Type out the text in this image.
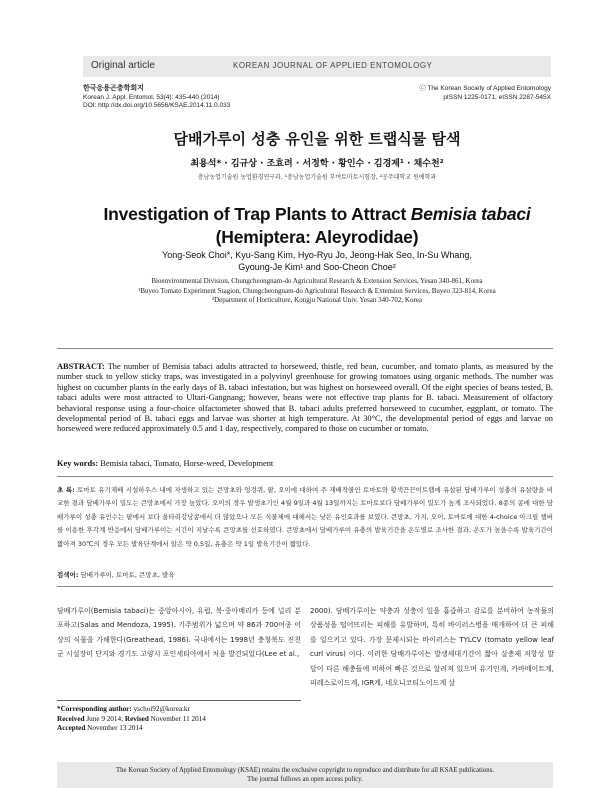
Original article	KOREAN JOURNAL OF APPLIED ENTOMOLOGY
한국응용곤충학회지
Korean J. Appl. Entomol. 53(4): 435-440 (2014)
DOI: http://dx.doi.org/10.5656/KSAE.2014.11.0.033
ⓒ The Korean Society of Applied Entomology
pISSN 1225-0171, eISSN 2287-545X
담배가루이 성충 유인을 위한 트랩식물 탐색
최용석* · 김규상 · 조효려 · 서정학 · 황인수 · 김경제¹ · 채수천²
충남농업기술원 농업환경연구과, ¹충남농업기술원 부여토마토시험장, ²공주대학교 원예학과
Investigation of Trap Plants to Attract Bemisia tabaci
(Hemiptera: Aleyrodidae)
Yong-Seok Choi*, Kyu-Sang Kim, Hyo-Ryu Jo, Jeong-Hak Seo, In-Su Whang,
Gyoung-Je Kim¹ and Soo-Cheon Choe²
Bioenvironmental Division, Chungcheongnam-do Agricultural Research & Extension Services, Yesan 340-861, Korea
¹Buyeo Tomato Experiment Stagion, Chungcheongnam-do Agricultural Research & Extension Services, Buyeo 323-814, Korea
²Department of Horticulture, Kongju National Univ. Yesan 340-702, Korea
ABSTRACT: The number of Bemisia tabaci adults attracted to horseweed, thistle, red bean, cucumber, and tomato plants, as measured by the number stuck to yellow sticky traps, was investigated in a polyvinyl greenhouse for growing tomatoes using organic methods. The number was highest on cucumber plants in the early days of B. tabaci infestation, but was highest on horseweed overall. Of the eight species of beans tested, B. tabaci adults were most attracted to Ultari-Gangnang; however, beans were not effective trap plants for B. tabaci. Measurement of olfactory behavioral response using a four-choice olfactometer showed that B. tabaci adults preferred horseweed to cucumber, eggplant, or tomato. The developmental period of B. tabaci eggs and larvae was shorter at high temperature. At 30°C, the developmental period of eggs and larvae on horseweed were reduced approximately 0.5 and 1 day, respectively, compared to those on cucumber or tomato.
Key words: Bemisia tabaci, Tomato, Horse-weed, Development
초 록: 토마토 유기재배 시설하우스 내에 자생하고 있는 큰망초와 엉겅퀴, 팥, 오이에 대하여 주 재배작물인 토마토와 황색끈끈이트랩에 유살된 담배가루이 성충의 유살량을 비교한 결과 담배가루이 밀도는 큰망초에서 가장 높았다. 오이의 경우 발생초기인 4월 9일과 4월 13일까지는 토마토보다 담배가루이 밀도가 높게 조사되었다. 8종의 콩에 대한 담배가루이 성충 유인수는 팥에서 보다 울타리강낭콩에서 더 많았으나 모든 식물체에 대해서는 낮은 유인효과를 보였다. 큰망초, 가지, 오이, 토마토에 대한 4-choice 아크릴 챔버를 이용한 후각계 반응에서 담배가루이는 시간이 지날수록 큰망초를 선호하였다. 큰망초에서 담배가루이 유충의 발육기간을 온도별로 조사한 결과, 온도가 높을수록 발육기간이 짧아져 30℃의 경우 모든 발육단계에서 알은 약 0.5일, 유충은 약 1일 발육기간이 짧았다.
검색어: 담배가루이, 토마토, 큰망초, 발육
담배가루이(Bemisia tabaci)는 중앙아시아, 유럽, 북·중아메리카 등에 널리 분포하고(Salas and Mendoza, 1995). 기주범위가 넓으며 약 86과 700여종 이상의 식물을 가해한다(Greathead, 1986). 국내에서는 1998년 충청북도 진천군 시설장미 단지와 경기도 고양시 포인세티아에서 처음 발견되었다(Lee et al.,
2000). 담배가루이는 약충과 성충이 잎을 흡즙하고 감로를 분비하여 농작물의 상품성을 떨어뜨리는 피해를 유발하며, 특히 바이러스병을 매개하여 더 큰 피해를 일으키고 있다. 가장 문제시되는 바이러스는 TYLCV (tomato yellow leaf curl virus) 이다. 이러한 담배가루이는 발생세대기간이 짧아 살충제 저항성 발달이 다른 해충들에 비하여 빠른 것으로 알려져 있으며 유기인계, 카바메이트계, 피레스로이드계, IGR계, 네오니코티노이드계 살
*Corresponding author: yschoi92@korea.kr
Received June 9 2014; Revised November 11 2014
Accepted November 13 2014
The Korean Society of Applied Entomology (KSAE) retains the exclusive copyright to reproduce and distribute for all KSAE publications.
The journal follows an open access policy.
